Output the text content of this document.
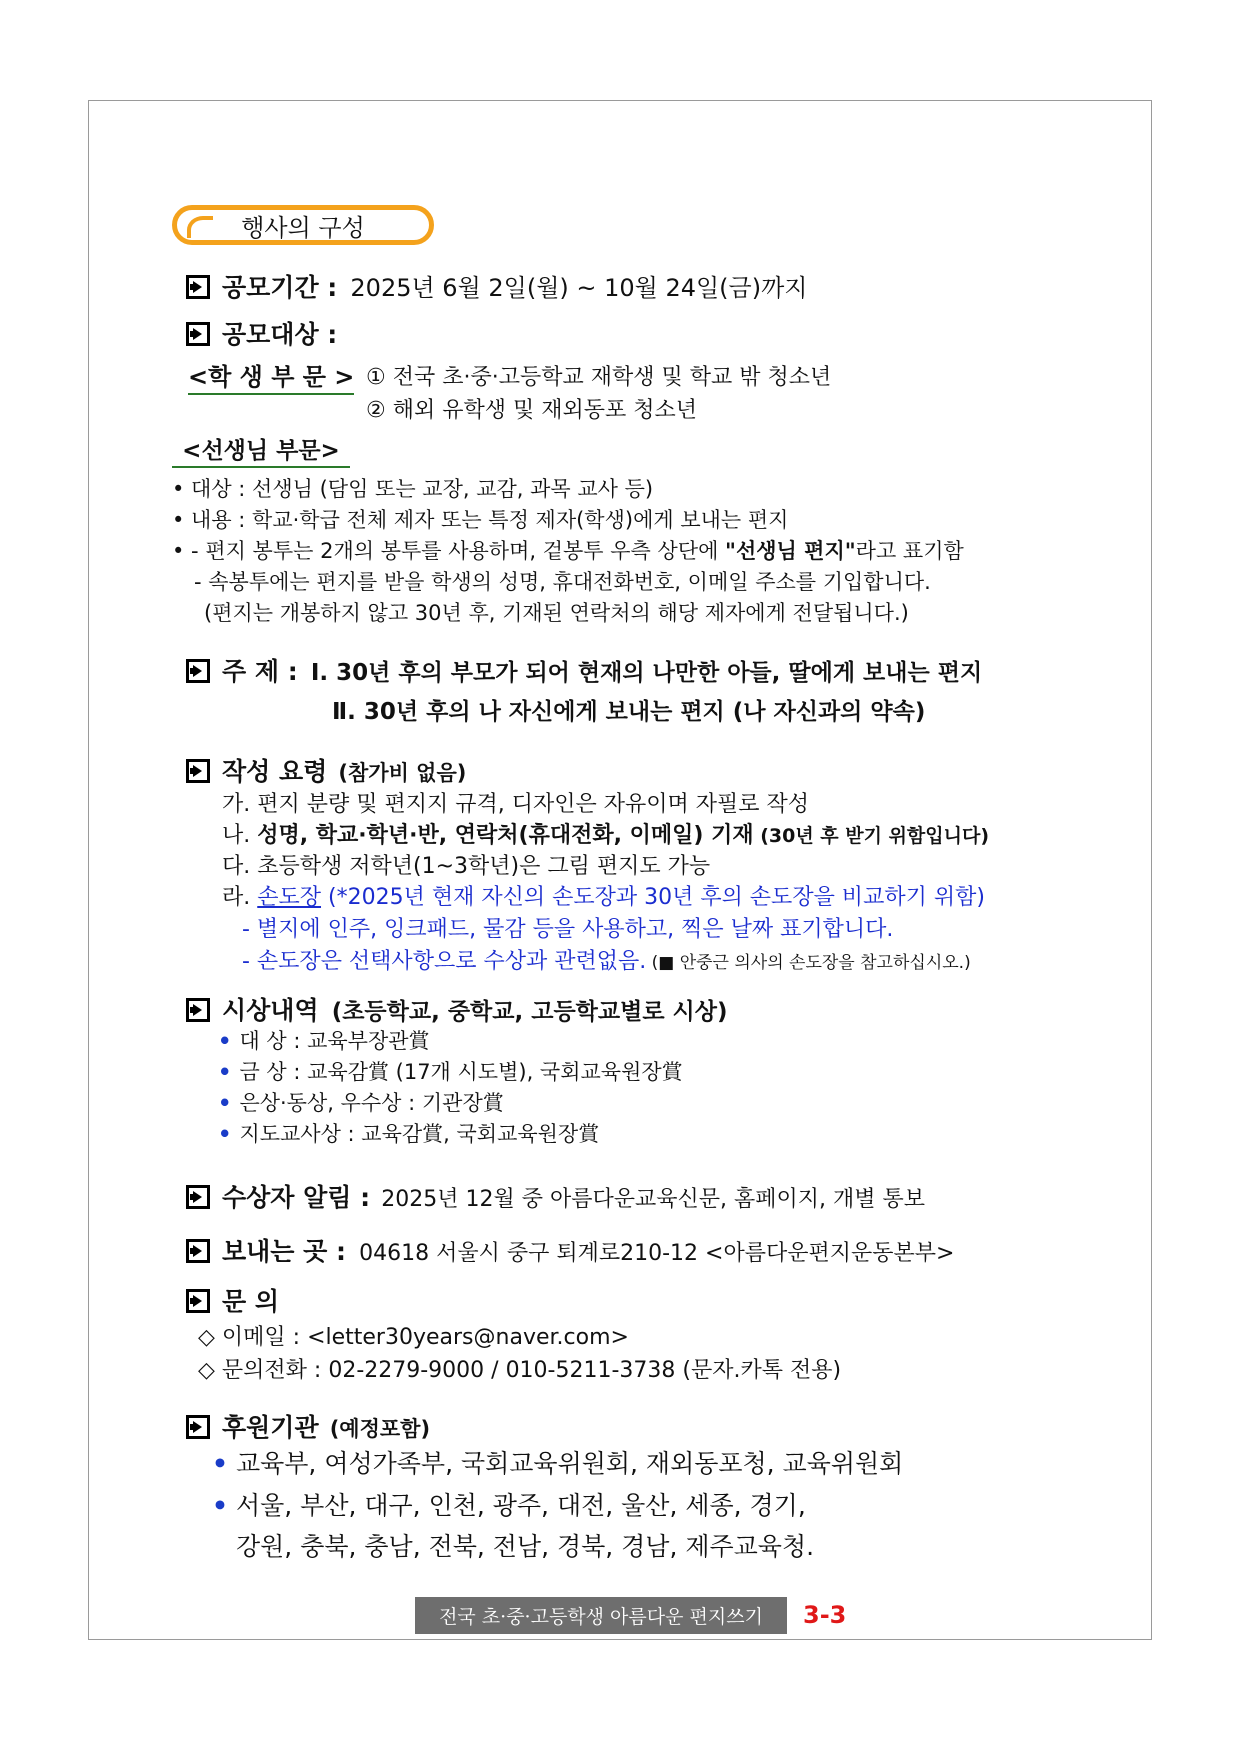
행사의 구성
공모기간 : 2025년 6월 2일(월) ~ 10월 24일(금)까지
공모대상 :
<학 생 부 문 > ① 전국 초·중·고등학교 재학생 및 학교 밖 청소년
② 해외 유학생 및 재외동포 청소년
<선생님 부문>
• 대상 : 선생님 (담임 또는 교장, 교감, 과목 교사 등)
• 내용 : 학교·학급 전체 제자 또는 특정 제자(학생)에게 보내는 편지
• - 편지 봉투는 2개의 봉투를 사용하며, 겉봉투 우측 상단에 "선생님 편지"라고 표기함
- 속봉투에는 편지를 받을 학생의 성명, 휴대전화번호, 이메일 주소를 기입합니다.
(편지는 개봉하지 않고 30년 후, 기재된 연락처의 해당 제자에게 전달됩니다.)
주 제 : Ⅰ. 30년 후의 부모가 되어 현재의 나만한 아들, 딸에게 보내는 편지
Ⅱ. 30년 후의 나 자신에게 보내는 편지 (나 자신과의 약속)
작성 요령 (참가비 없음)
가. 편지 분량 및 편지지 규격, 디자인은 자유이며 자필로 작성
나. 성명, 학교·학년·반, 연락처(휴대전화, 이메일) 기재 (30년 후 받기 위함입니다)
다. 초등학생 저학년(1~3학년)은 그림 편지도 가능
라. 손도장 (*2025년 현재 자신의 손도장과 30년 후의 손도장을 비교하기 위함)
- 별지에 인주, 잉크패드, 물감 등을 사용하고, 찍은 날짜 표기합니다.
- 손도장은 선택사항으로 수상과 관련없음. (■ 안중근 의사의 손도장을 참고하십시오.)
시상내역 (초등학교, 중학교, 고등학교별로 시상)
• 대 상 : 교육부장관賞
• 금 상 : 교육감賞 (17개 시도별), 국회교육원장賞
• 은상·동상, 우수상 : 기관장賞
• 지도교사상 : 교육감賞, 국회교육원장賞
수상자 알림 : 2025년 12월 중 아름다운교육신문, 홈페이지, 개별 통보
보내는 곳 : 04618 서울시 중구 퇴계로210-12 <아름다운편지운동본부>
문 의
◇ 이메일 : <letter30years@naver.com>
◇ 문의전화 : 02-2279-9000 / 010-5211-3738 (문자.카톡 전용)
후원기관 (예정포함)
• 교육부, 여성가족부, 국회교육위원회, 재외동포청, 교육위원회
• 서울, 부산, 대구, 인천, 광주, 대전, 울산, 세종, 경기,
강원, 충북, 충남, 전북, 전남, 경북, 경남, 제주교육청.
전국 초·중·고등학생 아름다운 편지쓰기 3-3
